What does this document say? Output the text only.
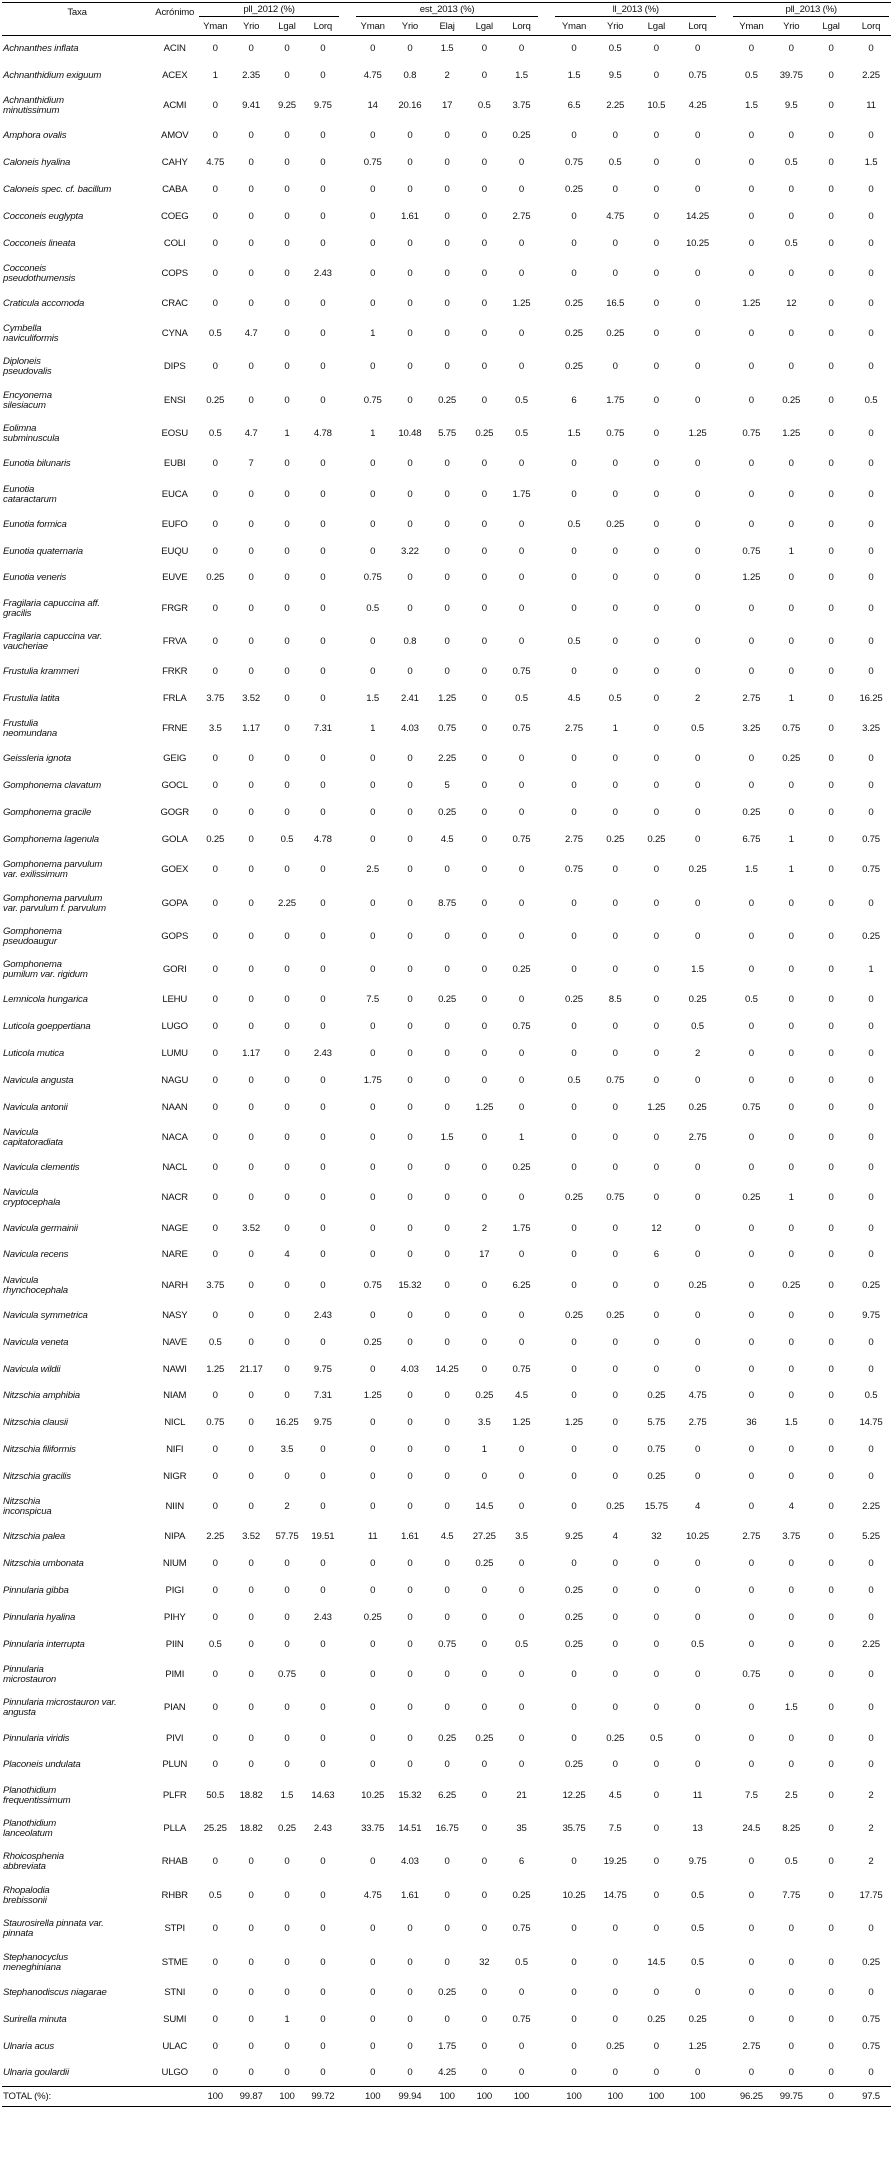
Taxa	Acrónimo	pll_2012 (%)					est_2013 (%)						ll_2013 (%)					pll_2013 (%)			

		Yman	Yrio	Lgal	Lorq		Yman	Yrio	Elaj	Lgal	Lorq		Yman	Yrio	Lgal	Lorq		Yman	Yrio	Lgal	Lorq
Achnanthes inflata	ACIN	0	0	0	0		0	0	1.5	0	0		0	0.5	0	0		0	0	0	0
Achnanthidium exiguum	ACEX	1	2.35	0	0		4.75	0.8	2	0	1.5		1.5	9.5	0	0.75		0.5	39.75	0	2.25
Achnanthidium
minutissimum	ACMI	0	9.41	9.25	9.75		14	20.16	17	0.5	3.75		6.5	2.25	10.5	4.25		1.5	9.5	0	11
Amphora ovalis	AMOV	0	0	0	0		0	0	0	0	0.25		0	0	0	0		0	0	0	0
Caloneis hyalina	CAHY	4.75	0	0	0		0.75	0	0	0	0		0.75	0.5	0	0		0	0.5	0	1.5
Caloneis spec. cf. bacillum	CABA	0	0	0	0		0	0	0	0	0		0.25	0	0	0		0	0	0	0
Cocconeis euglypta	COEG	0	0	0	0		0	1.61	0	0	2.75		0	4.75	0	14.25		0	0	0	0
Cocconeis lineata	COLI	0	0	0	0		0	0	0	0	0		0	0	0	10.25		0	0.5	0	0
Cocconeis
pseudothumensis	COPS	0	0	0	2.43		0	0	0	0	0		0	0	0	0		0	0	0	0
Craticula accomoda	CRAC	0	0	0	0		0	0	0	0	1.25		0.25	16.5	0	0		1.25	12	0	0
Cymbella
naviculiformis	CYNA	0.5	4.7	0	0		1	0	0	0	0		0.25	0.25	0	0		0	0	0	0
Diploneis
pseudovalis	DIPS	0	0	0	0		0	0	0	0	0		0.25	0	0	0		0	0	0	0
Encyonema
silesiacum	ENSI	0.25	0	0	0		0.75	0	0.25	0	0.5		6	1.75	0	0		0	0.25	0	0.5
Eolimna
subminuscula	EOSU	0.5	4.7	1	4.78		1	10.48	5.75	0.25	0.5		1.5	0.75	0	1.25		0.75	1.25	0	0
Eunotia bilunaris	EUBI	0	7	0	0		0	0	0	0	0		0	0	0	0		0	0	0	0
Eunotia
cataractarum	EUCA	0	0	0	0		0	0	0	0	1.75		0	0	0	0		0	0	0	0
Eunotia formica	EUFO	0	0	0	0		0	0	0	0	0		0.5	0.25	0	0		0	0	0	0
Eunotia quaternaria	EUQU	0	0	0	0		0	3.22	0	0	0		0	0	0	0		0.75	1	0	0
Eunotia veneris	EUVE	0.25	0	0	0		0.75	0	0	0	0		0	0	0	0		1.25	0	0	0
Fragilaria capuccina aff.
gracilis	FRGR	0	0	0	0		0.5	0	0	0	0		0	0	0	0		0	0	0	0
Fragilaria capuccina var.
vaucheriae	FRVA	0	0	0	0		0	0.8	0	0	0		0.5	0	0	0		0	0	0	0
Frustulia krammeri	FRKR	0	0	0	0		0	0	0	0	0.75		0	0	0	0		0	0	0	0
Frustulia latita	FRLA	3.75	3.52	0	0		1.5	2.41	1.25	0	0.5		4.5	0.5	0	2		2.75	1	0	16.25
Frustulia
neomundana	FRNE	3.5	1.17	0	7.31		1	4.03	0.75	0	0.75		2.75	1	0	0.5		3.25	0.75	0	3.25
Geissleria ignota	GEIG	0	0	0	0		0	0	2.25	0	0		0	0	0	0		0	0.25	0	0
Gomphonema clavatum	GOCL	0	0	0	0		0	0	5	0	0		0	0	0	0		0	0	0	0
Gomphonema gracile	GOGR	0	0	0	0		0	0	0.25	0	0		0	0	0	0		0.25	0	0	0
Gomphonema lagenula	GOLA	0.25	0	0.5	4.78		0	0	4.5	0	0.75		2.75	0.25	0.25	0		6.75	1	0	0.75
Gomphonema parvulum
var. exilissimum	GOEX	0	0	0	0		2.5	0	0	0	0		0.75	0	0	0.25		1.5	1	0	0.75
Gomphonema parvulum
var. parvulum f. parvulum	GOPA	0	0	2.25	0		0	0	8.75	0	0		0	0	0	0		0	0	0	0
Gomphonema
pseudoaugur	GOPS	0	0	0	0		0	0	0	0	0		0	0	0	0		0	0	0	0.25
Gomphonema
pumilum var. rigidum	GORI	0	0	0	0		0	0	0	0	0.25		0	0	0	1.5		0	0	0	1
Lemnicola hungarica	LEHU	0	0	0	0		7.5	0	0.25	0	0		0.25	8.5	0	0.25		0.5	0	0	0
Luticola goeppertiana	LUGO	0	0	0	0		0	0	0	0	0.75		0	0	0	0.5		0	0	0	0
Luticola mutica	LUMU	0	1.17	0	2.43		0	0	0	0	0		0	0	0	2		0	0	0	0
Navicula angusta	NAGU	0	0	0	0		1.75	0	0	0	0		0.5	0.75	0	0		0	0	0	0
Navicula antonii	NAAN	0	0	0	0		0	0	0	1.25	0		0	0	1.25	0.25		0.75	0	0	0
Navicula
capitatoradiata	NACA	0	0	0	0		0	0	1.5	0	1		0	0	0	2.75		0	0	0	0
Navicula clementis	NACL	0	0	0	0		0	0	0	0	0.25		0	0	0	0		0	0	0	0
Navicula
cryptocephala	NACR	0	0	0	0		0	0	0	0	0		0.25	0.75	0	0		0.25	1	0	0
Navicula germainii	NAGE	0	3.52	0	0		0	0	0	2	1.75		0	0	12	0		0	0	0	0
Navicula recens	NARE	0	0	4	0		0	0	0	17	0		0	0	6	0		0	0	0	0
Navicula
rhynchocephala	NARH	3.75	0	0	0		0.75	15.32	0	0	6.25		0	0	0	0.25		0	0.25	0	0.25
Navicula symmetrica	NASY	0	0	0	2.43		0	0	0	0	0		0.25	0.25	0	0		0	0	0	9.75
Navicula veneta	NAVE	0.5	0	0	0		0.25	0	0	0	0		0	0	0	0		0	0	0	0
Navicula wildii	NAWI	1.25	21.17	0	9.75		0	4.03	14.25	0	0.75		0	0	0	0		0	0	0	0
Nitzschia amphibia	NIAM	0	0	0	7.31		1.25	0	0	0.25	4.5		0	0	0.25	4.75		0	0	0	0.5
Nitzschia clausii	NICL	0.75	0	16.25	9.75		0	0	0	3.5	1.25		1.25	0	5.75	2.75		36	1.5	0	14.75
Nitzschia filiformis	NIFI	0	0	3.5	0		0	0	0	1	0		0	0	0.75	0		0	0	0	0
Nitzschia gracilis	NIGR	0	0	0	0		0	0	0	0	0		0	0	0.25	0		0	0	0	0
Nitzschia
inconspicua	NIIN	0	0	2	0		0	0	0	14.5	0		0	0.25	15.75	4		0	4	0	2.25
Nitzschia palea	NIPA	2.25	3.52	57.75	19.51		11	1.61	4.5	27.25	3.5		9.25	4	32	10.25		2.75	3.75	0	5.25
Nitzschia umbonata	NIUM	0	0	0	0		0	0	0	0.25	0		0	0	0	0		0	0	0	0
Pinnularia gibba	PIGI	0	0	0	0		0	0	0	0	0		0.25	0	0	0		0	0	0	0
Pinnularia hyalina	PIHY	0	0	0	2.43		0.25	0	0	0	0		0.25	0	0	0		0	0	0	0
Pinnularia interrupta	PIIN	0.5	0	0	0		0	0	0.75	0	0.5		0.25	0	0	0.5		0	0	0	2.25
Pinnularia
microstauron	PIMI	0	0	0.75	0		0	0	0	0	0		0	0	0	0		0.75	0	0	0
Pinnularia microstauron var.
angusta	PIAN	0	0	0	0		0	0	0	0	0		0	0	0	0		0	1.5	0	0
Pinnularia viridis	PIVI	0	0	0	0		0	0	0.25	0.25	0		0	0.25	0.5	0		0	0	0	0
Placoneis undulata	PLUN	0	0	0	0		0	0	0	0	0		0.25	0	0	0		0	0	0	0
Planothidium
frequentissimum	PLFR	50.5	18.82	1.5	14.63		10.25	15.32	6.25	0	21		12.25	4.5	0	11		7.5	2.5	0	2
Planothidium
lanceolatum	PLLA	25.25	18.82	0.25	2.43		33.75	14.51	16.75	0	35		35.75	7.5	0	13		24.5	8.25	0	2
Rhoicosphenia
abbreviata	RHAB	0	0	0	0		0	4.03	0	0	6		0	19.25	0	9.75		0	0.5	0	2
Rhopalodia
brebissonii	RHBR	0.5	0	0	0		4.75	1.61	0	0	0.25		10.25	14.75	0	0.5		0	7.75	0	17.75
Staurosirella pinnata var.
pinnata	STPI	0	0	0	0		0	0	0	0	0.75		0	0	0	0.5		0	0	0	0
Stephanocyclus
meneghiniana	STME	0	0	0	0		0	0	0	32	0.5		0	0	14.5	0.5		0	0	0	0.25
Stephanodiscus niagarae	STNI	0	0	0	0		0	0	0.25	0	0		0	0	0	0		0	0	0	0
Surirella minuta	SUMI	0	0	1	0		0	0	0	0	0.75		0	0	0.25	0.25		0	0	0	0.75
Ulnaria acus	ULAC	0	0	0	0		0	0	1.75	0	0		0	0.25	0	1.25		2.75	0	0	0.75
Ulnaria goulardii	ULGO	0	0	0	0		0	0	4.25	0	0		0	0	0	0		0	0	0	0
TOTAL (%):		100	99.87	100	99.72		100	99.94	100	100	100		100	100	100	100		96.25	99.75	0	97.5
